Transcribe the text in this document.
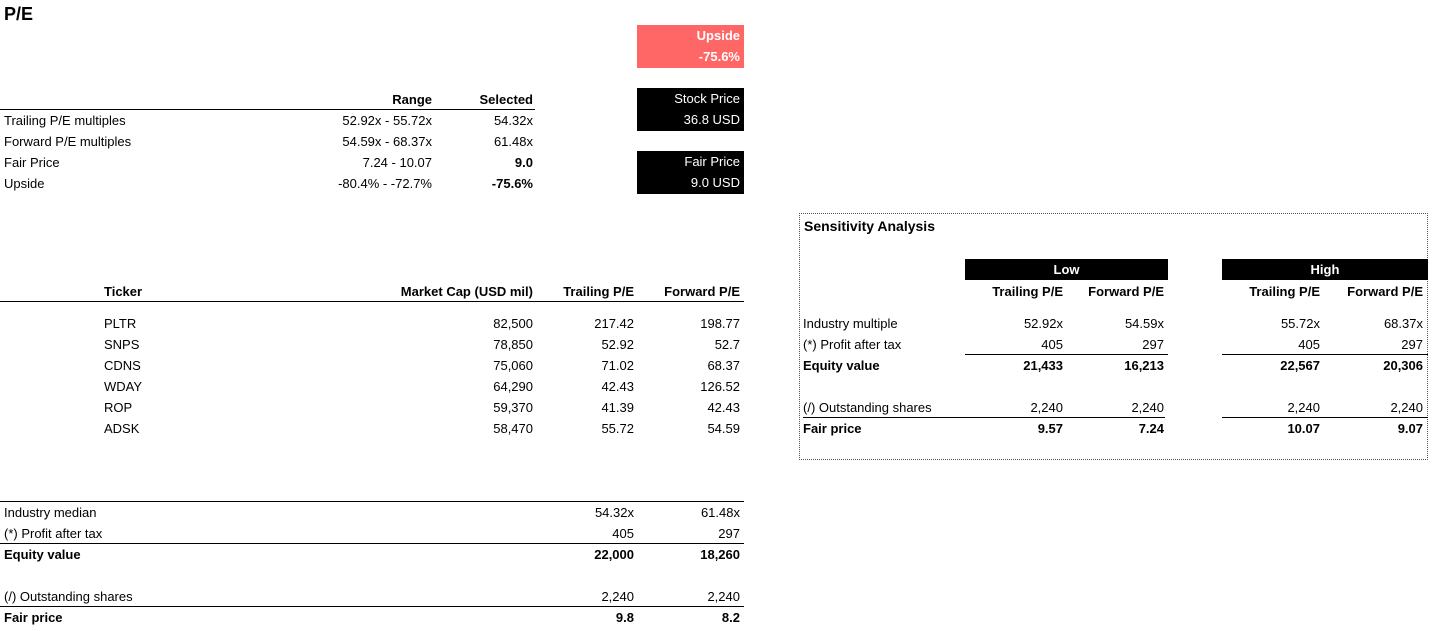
P/E
Upside
-75.6%
Stock Price
36.8 USD
Fair Price
9.0 USD
Range	Selected
Trailing P/E multiples	52.92x - 55.72x	54.32x
Forward P/E multiples	54.59x - 68.37x	61.48x
Fair Price	7.24 - 10.07	9.0
Upside	-80.4% - -72.7%	-75.6%
Ticker	Market Cap (USD mil)	Trailing P/E	Forward P/E
PLTR	82,500	217.42	198.77
SNPS	78,850	52.92	52.7
CDNS	75,060	71.02	68.37
WDAY	64,290	42.43	126.52
ROP	59,370	41.39	42.43
ADSK	58,470	55.72	54.59
Industry median	54.32x	61.48x
(*) Profit after tax	405	297
Equity value	22,000	18,260
(/) Outstanding shares	2,240	2,240
Fair price	9.8	8.2
Sensitivity Analysis
Low	High
Trailing P/E	Forward P/E	Trailing P/E	Forward P/E
Industry multiple	52.92x	54.59x	55.72x	68.37x
(*) Profit after tax	405	297	405	297
Equity value	21,433	16,213	22,567	20,306
(/) Outstanding shares	2,240	2,240	2,240	2,240
Fair price	9.57	7.24	10.07	9.07
